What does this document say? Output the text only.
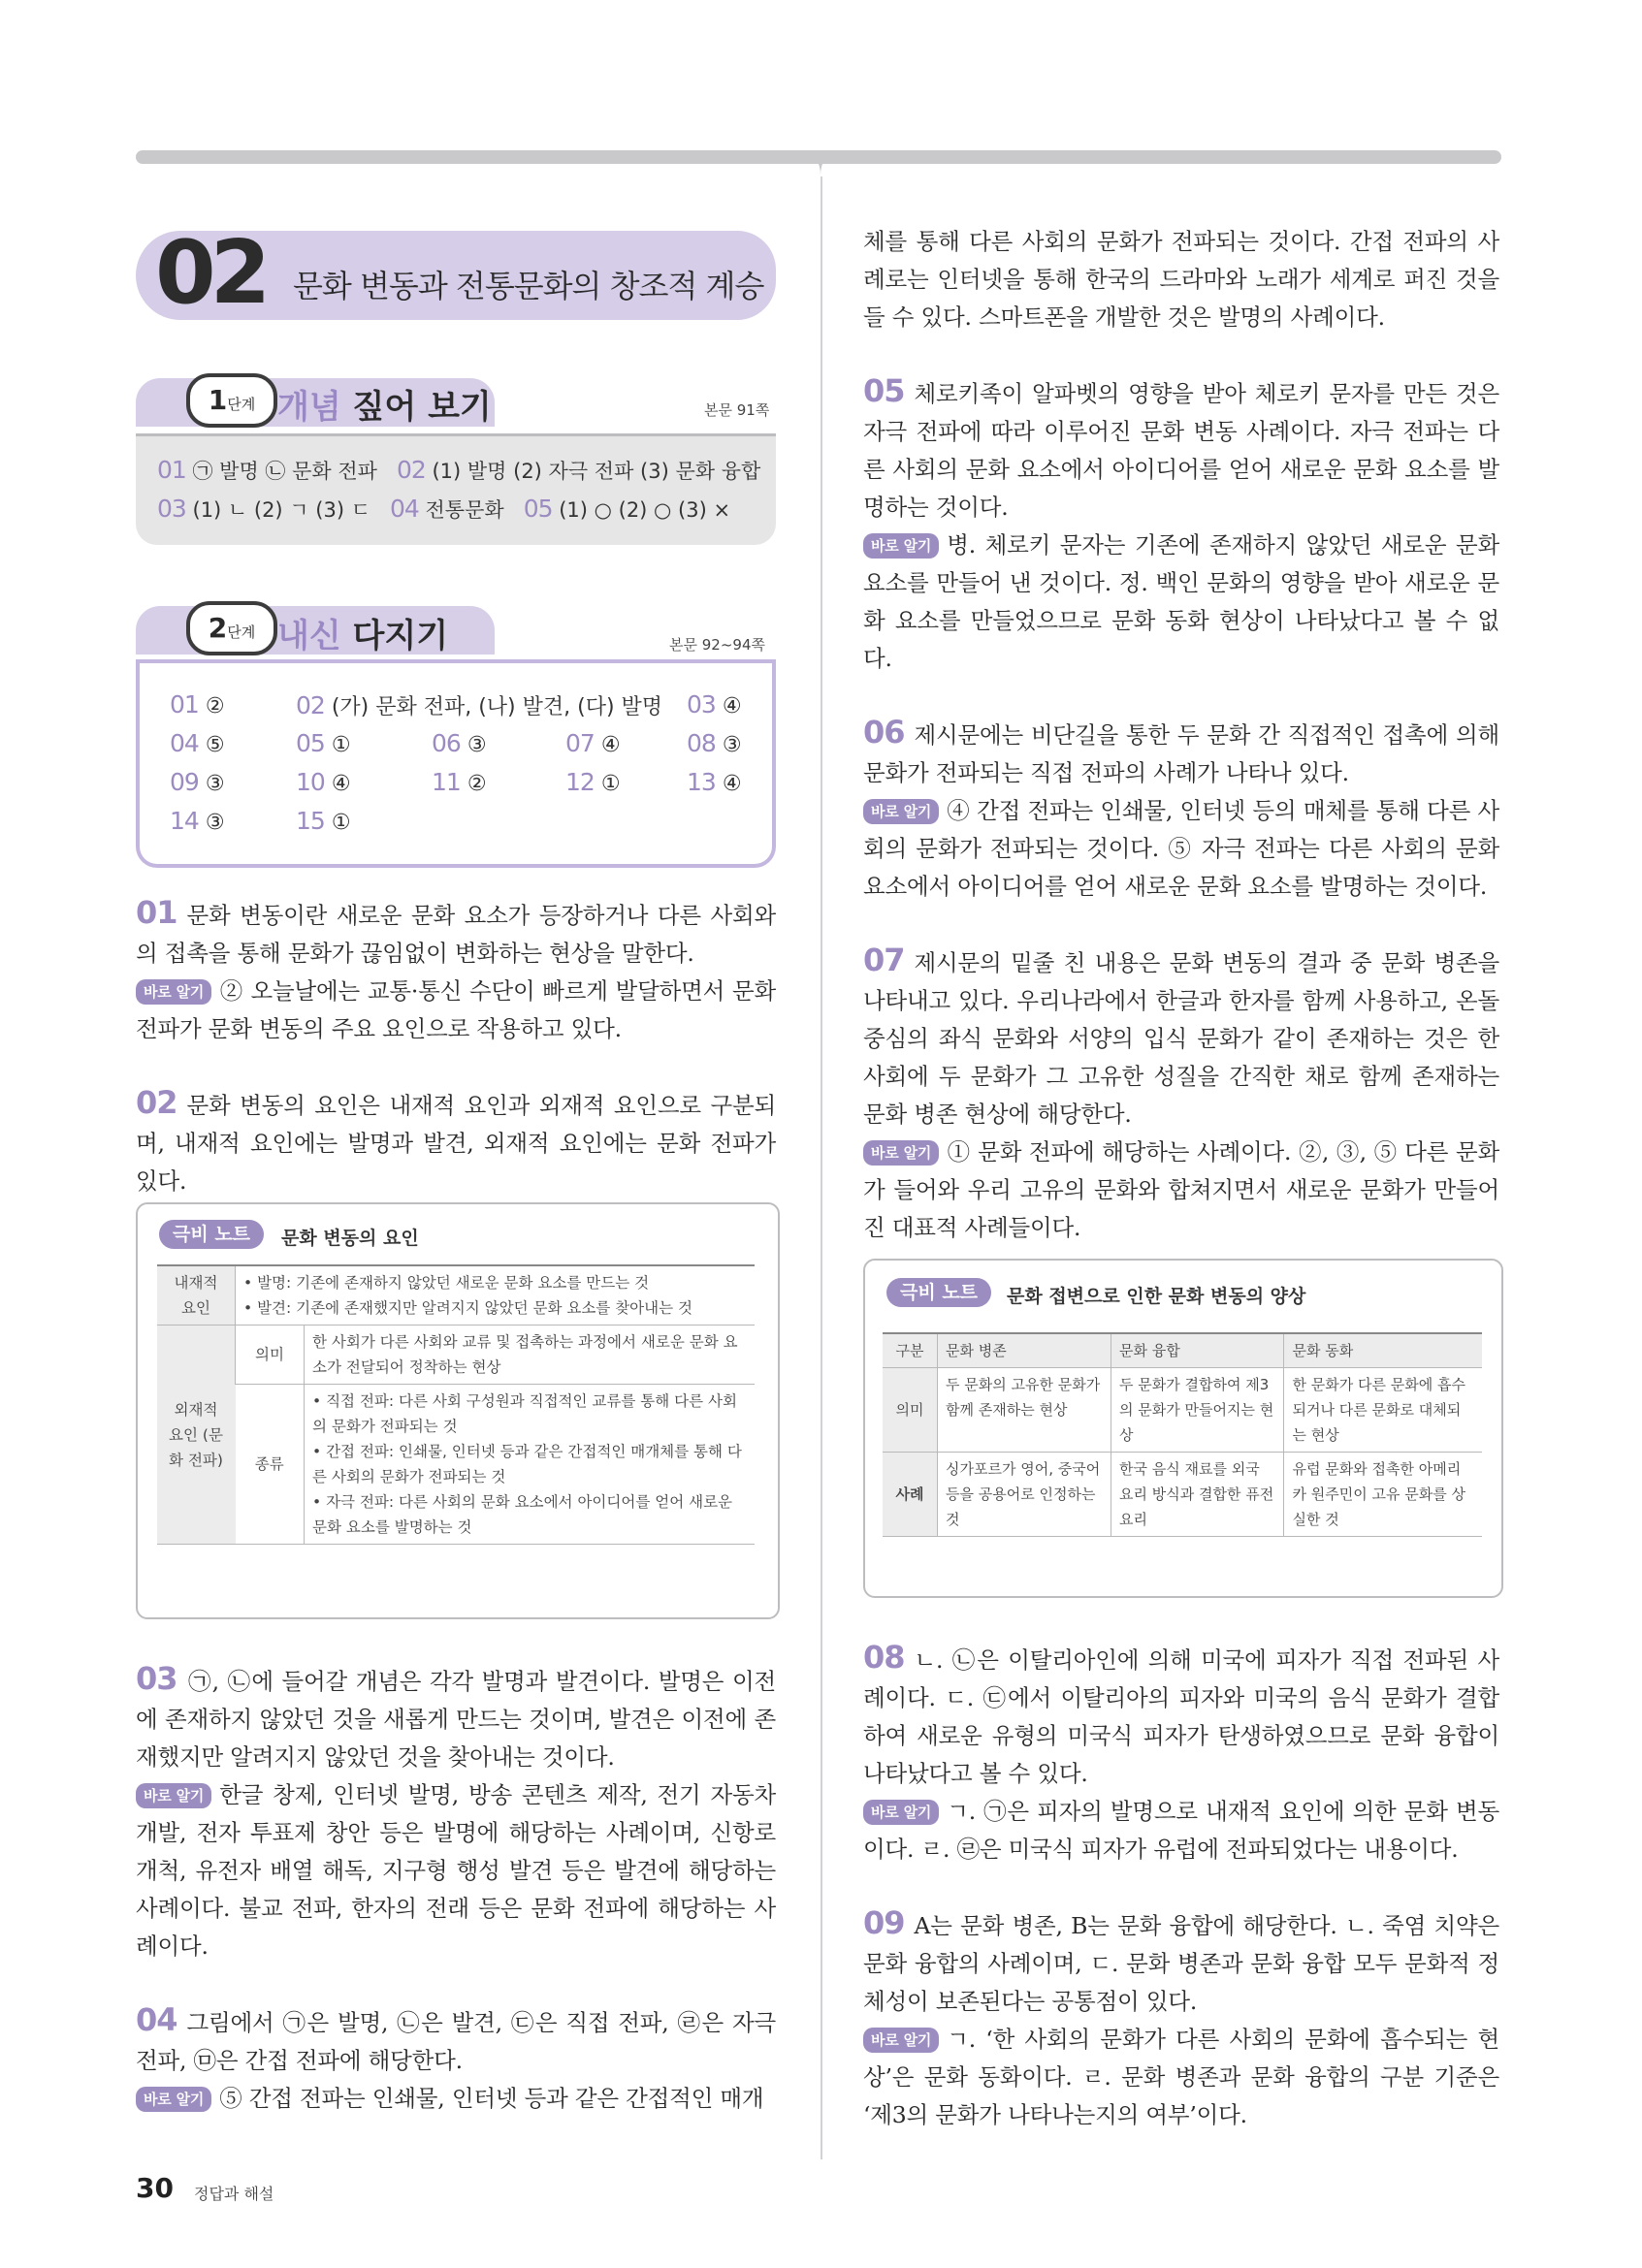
02 문화 변동과 전통문화의 창조적 계승
1단계 개념 짚어 보기	본문 91쪽
01 ㉠ 발명 ㉡ 문화 전파 02 (1) 발명 (2) 자극 전파 (3) 문화 융합
03 (1) ㄴ (2) ㄱ (3) ㄷ 04 전통문화 05 (1) ○ (2) ○ (3) ×
2단계 내신 다지기	본문 92~94쪽

01 문화 변동이란 새로운 문화 요소가 등장하거나 다른 사회와의 접촉을 통해 문화가 끊임없이 변화하는 현상을 말한다.

바로 알기 ② 오늘날에는 교통·통신 수단이 빠르게 발달하면서 문화 전파가 문화 변동의 주요 요인으로 작용하고 있다.

02 문화 변동의 요인은 내재적 요인과 외재적 요인으로 구분되며, 내재적 요인에는 발명과 발견, 외재적 요인에는 문화 전파가 있다.

극비 노트	문화 변동의 요인
내재적 요인	• 발명: 기존에 존재하지 않았던 새로운 문화 요소를 만드는 것
• 발견: 기존에 존재했지만 알려지지 않았던 문화 요소를 찾아내는 것	

외재적 요인 (문화 전파)	의미	한 사회가 다른 사회와 교류 및 접촉하는 과정에서 새로운 문화 요소가 전달되어 정착하는 현상
	종류	• 직접 전파: 다른 사회 구성원과 직접적인 교류를 통해 다른 사회의 문화가 전파되는 것
• 간접 전파: 인쇄물, 인터넷 등과 같은 간접적인 매개체를 통해 다른 사회의 문화가 전파되는 것
• 자극 전파: 다른 사회의 문화 요소에서 아이디어를 얻어 새로운 문화 요소를 발명하는 것

03 ㉠, ㉡에 들어갈 개념은 각각 발명과 발견이다. 발명은 이전에 존재하지 않았던 것을 새롭게 만드는 것이며, 발견은 이전에 존재했지만 알려지지 않았던 것을 찾아내는 것이다.

바로 알기 한글 창제, 인터넷 발명, 방송 콘텐츠 제작, 전기 자동차 개발, 전자 투표제 창안 등은 발명에 해당하는 사례이며, 신항로 개척, 유전자 배열 해독, 지구형 행성 발견 등은 발견에 해당하는 사례이다. 불교 전파, 한자의 전래 등은 문화 전파에 해당하는 사례이다.

04 그림에서 ㉠은 발명, ㉡은 발견, ㉢은 직접 전파, ㉣은 자극 전파, ㉤은 간접 전파에 해당한다.

바로 알기 ⑤ 간접 전파는 인쇄물, 인터넷 등과 같은 간접적인 매개

체를 통해 다른 사회의 문화가 전파되는 것이다. 간접 전파의 사례로는 인터넷을 통해 한국의 드라마와 노래가 세계로 퍼진 것을 들 수 있다. 스마트폰을 개발한 것은 발명의 사례이다.

05 체로키족이 알파벳의 영향을 받아 체로키 문자를 만든 것은 자극 전파에 따라 이루어진 문화 변동 사례이다. 자극 전파는 다른 사회의 문화 요소에서 아이디어를 얻어 새로운 문화 요소를 발명하는 것이다.

바로 알기 병. 체로키 문자는 기존에 존재하지 않았던 새로운 문화 요소를 만들어 낸 것이다. 정. 백인 문화의 영향을 받아 새로운 문화 요소를 만들었으므로 문화 동화 현상이 나타났다고 볼 수 없다.

06 제시문에는 비단길을 통한 두 문화 간 직접적인 접촉에 의해 문화가 전파되는 직접 전파의 사례가 나타나 있다.

바로 알기 ④ 간접 전파는 인쇄물, 인터넷 등의 매체를 통해 다른 사회의 문화가 전파되는 것이다. ⑤ 자극 전파는 다른 사회의 문화 요소에서 아이디어를 얻어 새로운 문화 요소를 발명하는 것이다.

07 제시문의 밑줄 친 내용은 문화 변동의 결과 중 문화 병존을 나타내고 있다. 우리나라에서 한글과 한자를 함께 사용하고, 온돌 중심의 좌식 문화와 서양의 입식 문화가 같이 존재하는 것은 한 사회에 두 문화가 그 고유한 성질을 간직한 채로 함께 존재하는 문화 병존 현상에 해당한다.

바로 알기 ① 문화 전파에 해당하는 사례이다. ②, ③, ⑤ 다른 문화가 들어와 우리 고유의 문화와 합쳐지면서 새로운 문화가 만들어진 대표적 사례들이다.

극비 노트	문화 접변으로 인한 문화 변동의 양상
구분	문화 병존	문화 융합	문화 동화
의미	두 문화의 고유한 문화가 함께 존재하는 현상	두 문화가 결합하여 제3의 문화가 만들어지는 현상	한 문화가 다른 문화에 흡수되거나 다른 문화로 대체되는 현상
사례	싱가포르가 영어, 중국어 등을 공용어로 인정하는 것	한국 음식 재료를 외국 요리 방식과 결합한 퓨전 요리	유럽 문화와 접촉한 아메리카 원주민이 고유 문화를 상실한 것

08 ㄴ. ㉡은 이탈리아인에 의해 미국에 피자가 직접 전파된 사례이다. ㄷ. ㉢에서 이탈리아의 피자와 미국의 음식 문화가 결합하여 새로운 유형의 미국식 피자가 탄생하였으므로 문화 융합이 나타났다고 볼 수 있다.

바로 알기 ㄱ. ㉠은 피자의 발명으로 내재적 요인에 의한 문화 변동이다. ㄹ. ㉣은 미국식 피자가 유럽에 전파되었다는 내용이다.

09 A는 문화 병존, B는 문화 융합에 해당한다. ㄴ. 죽염 치약은 문화 융합의 사례이며, ㄷ. 문화 병존과 문화 융합 모두 문화적 정체성이 보존된다는 공통점이 있다.

바로 알기 ㄱ. ‘한 사회의 문화가 다른 사회의 문화에 흡수되는 현상’은 문화 동화이다. ㄹ. 문화 병존과 문화 융합의 구분 기준은 ‘제3의 문화가 나타나는지의 여부’이다.

30 정답과 해설
01 ②	02 (가) 문화 전파, (나) 발견, (다) 발명 03 ④
04 ⑤	05 ①	06 ③	07 ④	08 ③
09 ③	10 ④	11 ②	12 ①	13 ④
14 ③	15 ①
